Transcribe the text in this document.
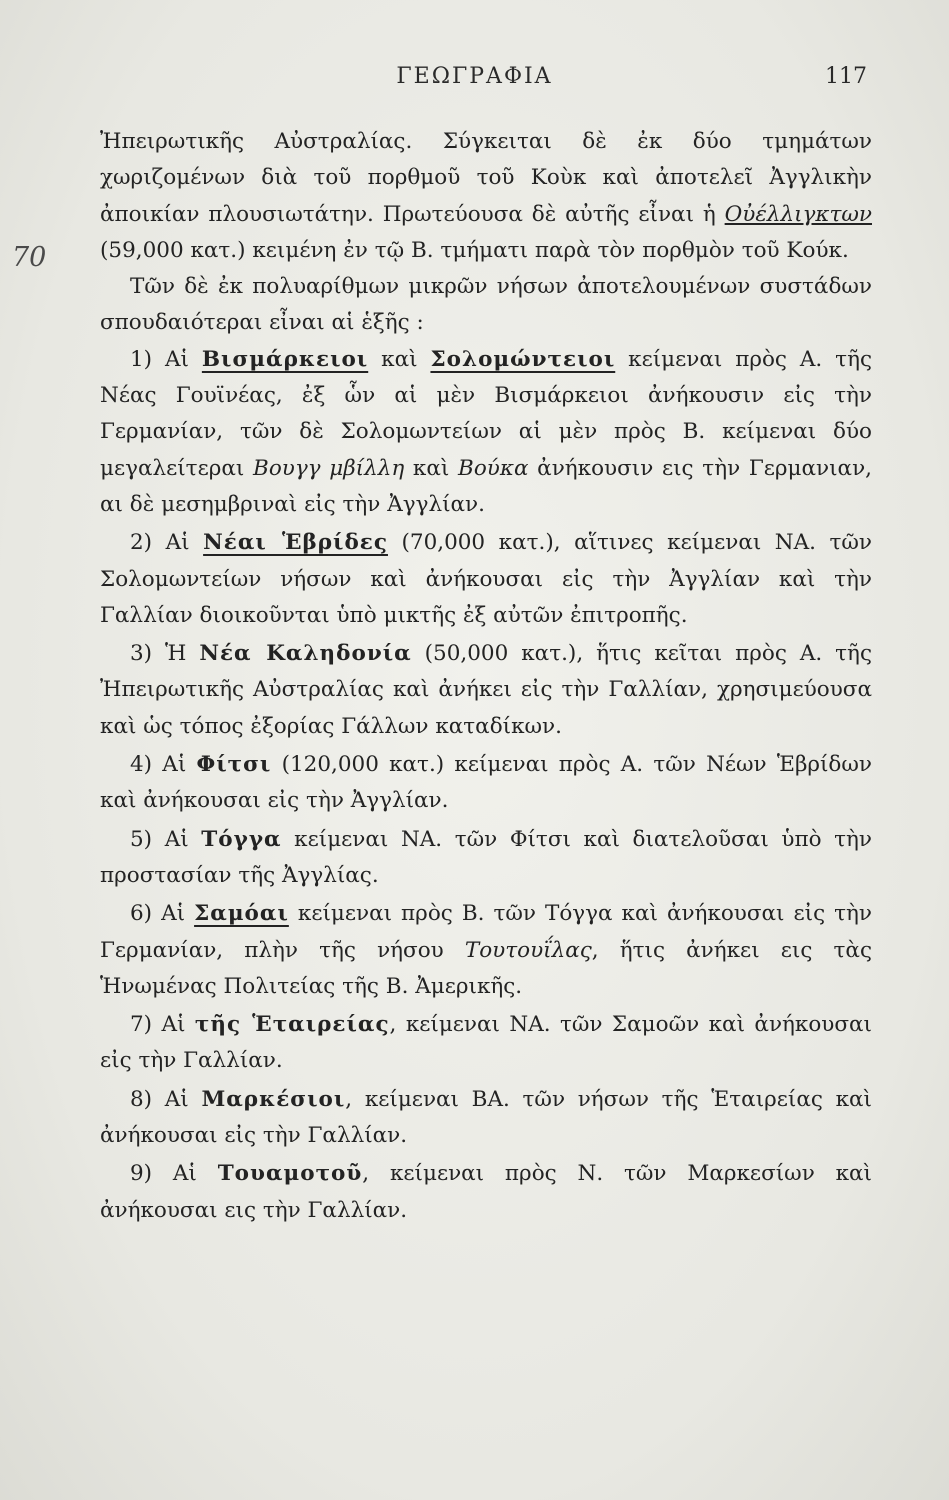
ΓΕΩΓΡΑΦΙΑ	117
70

Ἠπειρωτικῆς Αὐστραλίας. Σύγκειται δὲ ἐκ δύο τμημάτων χωριζομένων διὰ τοῦ πορθμοῦ τοῦ Κοὺκ καὶ ἀποτελεῖ Ἀγγλικὴν ἀποικίαν πλουσιωτάτην. Πρωτεύουσα δὲ αὐτῆς εἶναι ἡ Οὐέλλιγκτων (59,000 κατ.) κειμένη ἐν τῷ Β. τμήματι παρὰ τὸν πορθμὸν τοῦ Κούκ.

Τῶν δὲ ἐκ πολυαρίθμων μικρῶν νήσων ἀποτελουμένων συστάδων σπουδαιότεραι εἶναι αἱ ἑξῆς :

1) Αἱ Βισμάρκειοι καὶ Σολομώντειοι κείμεναι πρὸς Α. τῆς Νέας Γουϊνέας, ἐξ ὧν αἱ μὲν Βισμάρκειοι ἀνήκουσιν εἰς τὴν Γερμανίαν, τῶν δὲ Σολομωντείων αἱ μὲν πρὸς Β. κείμεναι δύο μεγαλείτεραι Βουγγ μβίλλη καὶ Βούκα ἀνήκουσιν εις τὴν Γερμανιαν, αι δὲ μεσημβριναὶ εἰς τὴν Ἀγγλίαν.

2) Αἱ Νέαι Ἑβρίδες (70,000 κατ.), αἵτινες κείμεναι ΝΑ. τῶν Σολομωντείων νήσων καὶ ἀνήκουσαι εἰς τὴν Ἀγγλίαν καὶ τὴν Γαλλίαν διοικοῦνται ὑπὸ μικτῆς ἐξ αὐτῶν ἐπιτροπῆς.

3) Ἡ Νέα Καληδονία (50,000 κατ.), ἥτις κεῖται πρὸς Α. τῆς Ἠπειρωτικῆς Αὐστραλίας καὶ ἀνήκει εἰς τὴν Γαλλίαν, χρησιμεύουσα καὶ ὡς τόπος ἐξορίας Γάλλων καταδίκων.

4) Αἱ Φίτσι (120,000 κατ.) κείμεναι πρὸς Α. τῶν Νέων Ἑβρίδων καὶ ἀνήκουσαι εἰς τὴν Ἀγγλίαν.

5) Αἱ Τόγγα κείμεναι ΝΑ. τῶν Φίτσι καὶ διατελοῦσαι ὑπὸ τὴν προστασίαν τῆς Ἀγγλίας.

6) Αἱ Σαμόαι κείμεναι πρὸς Β. τῶν Τόγγα καὶ ἀνήκουσαι εἰς τὴν Γερμανίαν, πλὴν τῆς νήσου Τουτουΐλας, ἥτις ἀνήκει εις τὰς Ἡνωμένας Πολιτείας τῆς Β. Ἀμερικῆς.

7) Αἱ τῆς Ἑταιρείας, κείμεναι ΝΑ. τῶν Σαμοῶν καὶ ἀνήκουσαι εἰς τὴν Γαλλίαν.

8) Αἱ Μαρκέσιοι, κείμεναι ΒΑ. τῶν νήσων τῆς Ἑταιρείας καὶ ἀνήκουσαι εἰς τὴν Γαλλίαν.

9) Αἱ Τουαμοτοῦ, κείμεναι πρὸς Ν. τῶν Μαρκεσίων καὶ ἀνήκουσαι εις τὴν Γαλλίαν.
